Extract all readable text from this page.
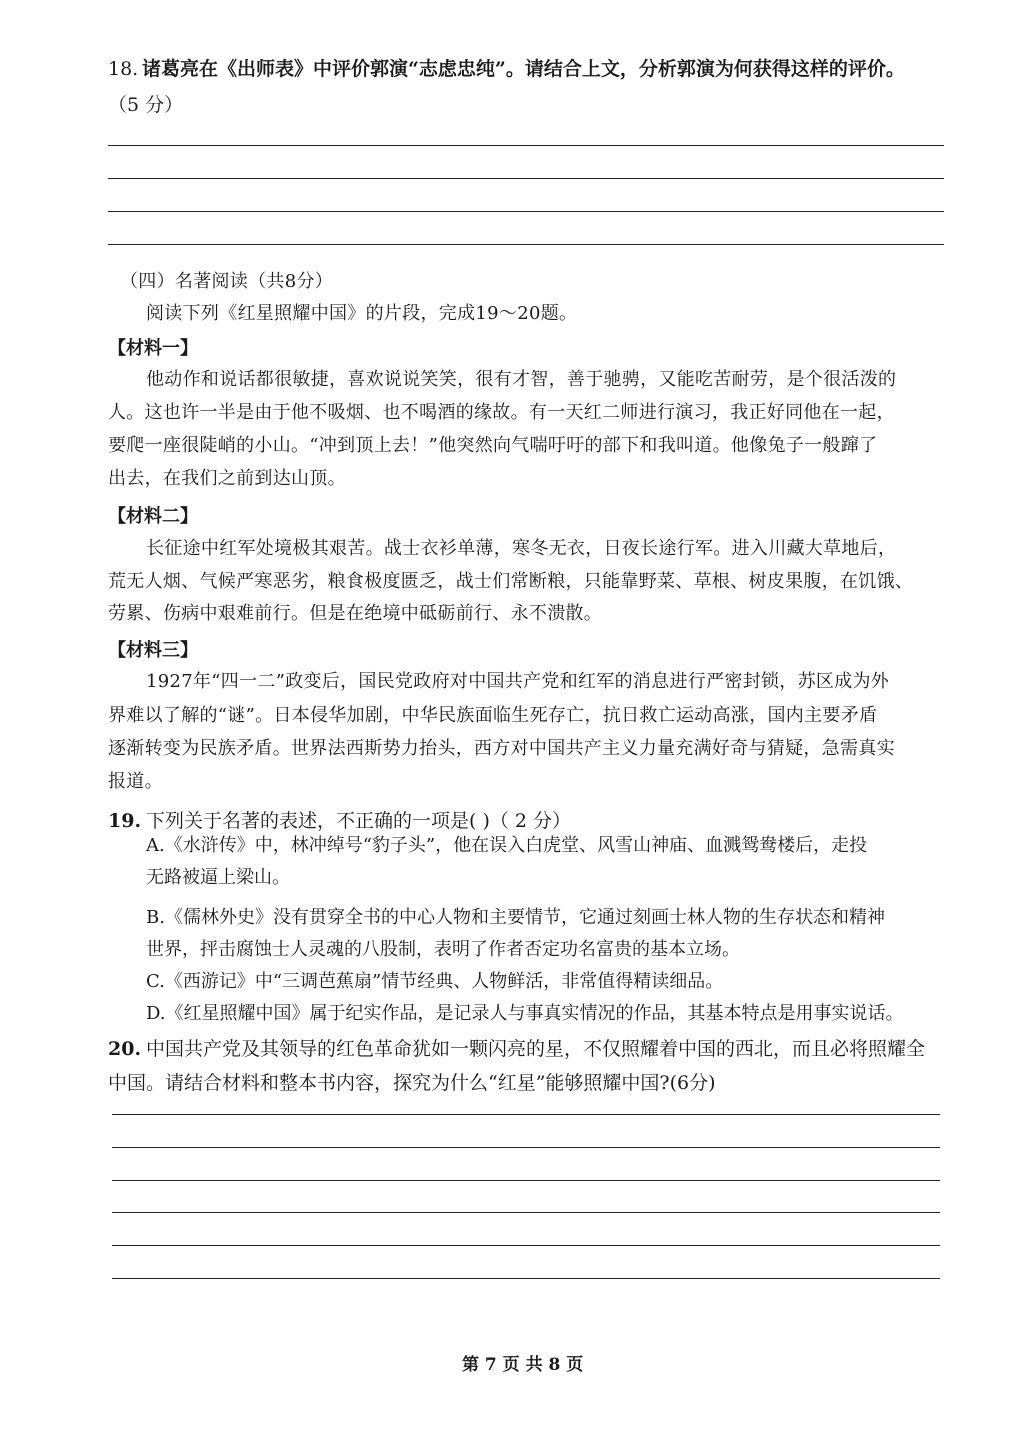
18. 诸葛亮在《出师表》中评价郭演“志虑忠纯”。请结合上文，分析郭演为何获得这样的评价。
（5 分）
（四）名著阅读（共8分）
阅读下列《红星照耀中国》的片段，完成19～20题。
【材料一】
他动作和说话都很敏捷，喜欢说说笑笑，很有才智，善于驰骋，又能吃苦耐劳，是个很活泼的
人。这也许一半是由于他不吸烟、也不喝酒的缘故。有一天红二师进行演习，我正好同他在一起，
要爬一座很陡峭的小山。“冲到顶上去！”他突然向气喘吁吁的部下和我叫道。他像兔子一般蹿了
出去，在我们之前到达山顶。
【材料二】
长征途中红军处境极其艰苦。战士衣衫单薄，寒冬无衣，日夜长途行军。进入川藏大草地后，
荒无人烟、气候严寒恶劣，粮食极度匮乏，战士们常断粮，只能靠野菜、草根、树皮果腹，在饥饿、
劳累、伤病中艰难前行。但是在绝境中砥砺前行、永不溃散。
【材料三】
1927年“四一二”政变后，国民党政府对中国共产党和红军的消息进行严密封锁，苏区成为外
界难以了解的“谜”。日本侵华加剧，中华民族面临生死存亡，抗日救亡运动高涨，国内主要矛盾
逐渐转变为民族矛盾。世界法西斯势力抬头，西方对中国共产主义力量充满好奇与猜疑，急需真实
报道。
19. 下列关于名著的表述，不正确的一项是( )（ 2 分）
A.《水浒传》中，林冲绰号“豹子头”，他在误入白虎堂、风雪山神庙、血溅鸳鸯楼后，走投
无路被逼上梁山。
B.《儒林外史》没有贯穿全书的中心人物和主要情节，它通过刻画士林人物的生存状态和精神
世界，抨击腐蚀士人灵魂的八股制，表明了作者否定功名富贵的基本立场。
C.《西游记》中“三调芭蕉扇”情节经典、人物鲜活，非常值得精读细品。
D.《红星照耀中国》属于纪实作品，是记录人与事真实情况的作品，其基本特点是用事实说话。
20. 中国共产党及其领导的红色革命犹如一颗闪亮的星，不仅照耀着中国的西北，而且必将照耀全
中国。请结合材料和整本书内容，探究为什么“红星”能够照耀中国?(6分)
第 7 页 共 8 页
